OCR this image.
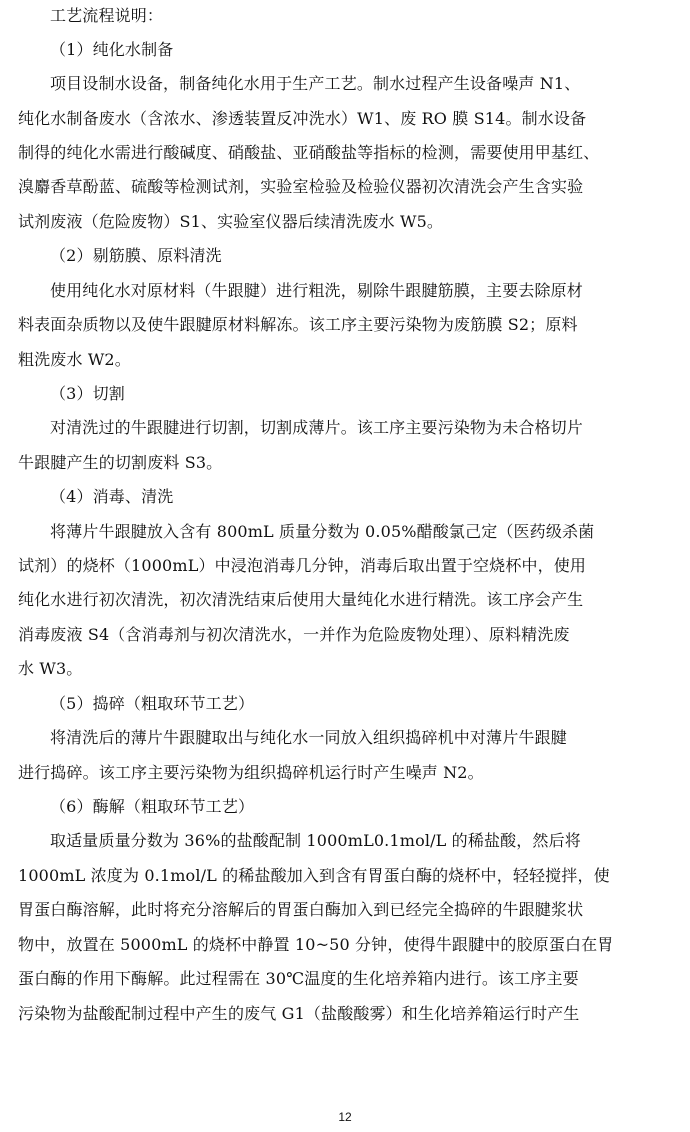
工艺流程说明：
（1）纯化水制备
项目设制水设备，制备纯化水用于生产工艺。制水过程产生设备噪声 N1、
纯化水制备废水（含浓水、渗透装置反冲洗水）W1、废 RO 膜 S14。制水设备
制得的纯化水需进行酸碱度、硝酸盐、亚硝酸盐等指标的检测，需要使用甲基红、
溴麝香草酚蓝、硫酸等检测试剂，实验室检验及检验仪器初次清洗会产生含实验
试剂废液（危险废物）S1、实验室仪器后续清洗废水 W5。
（2）剔筋膜、原料清洗
使用纯化水对原材料（牛跟腱）进行粗洗，剔除牛跟腱筋膜，主要去除原材
料表面杂质物以及使牛跟腱原材料解冻。该工序主要污染物为废筋膜 S2；原料
粗洗废水 W2。
（3）切割
对清洗过的牛跟腱进行切割，切割成薄片。该工序主要污染物为未合格切片
牛跟腱产生的切割废料 S3。
（4）消毒、清洗
将薄片牛跟腱放入含有 800mL 质量分数为 0.05%醋酸氯己定（医药级杀菌
试剂）的烧杯（1000mL）中浸泡消毒几分钟，消毒后取出置于空烧杯中，使用
纯化水进行初次清洗，初次清洗结束后使用大量纯化水进行精洗。该工序会产生
消毒废液 S4（含消毒剂与初次清洗水，一并作为危险废物处理）、原料精洗废
水 W3。
（5）捣碎（粗取环节工艺）
将清洗后的薄片牛跟腱取出与纯化水一同放入组织捣碎机中对薄片牛跟腱
进行捣碎。该工序主要污染物为组织捣碎机运行时产生噪声 N2。
（6）酶解（粗取环节工艺）
取适量质量分数为 36%的盐酸配制 1000mL0.1mol/L 的稀盐酸，然后将
1000mL 浓度为 0.1mol/L 的稀盐酸加入到含有胃蛋白酶的烧杯中，轻轻搅拌，使
胃蛋白酶溶解，此时将充分溶解后的胃蛋白酶加入到已经完全捣碎的牛跟腱浆状
物中，放置在 5000mL 的烧杯中静置 10~50 分钟，使得牛跟腱中的胶原蛋白在胃
蛋白酶的作用下酶解。此过程需在 30℃温度的生化培养箱内进行。该工序主要
污染物为盐酸配制过程中产生的废气 G1（盐酸酸雾）和生化培养箱运行时产生
12
